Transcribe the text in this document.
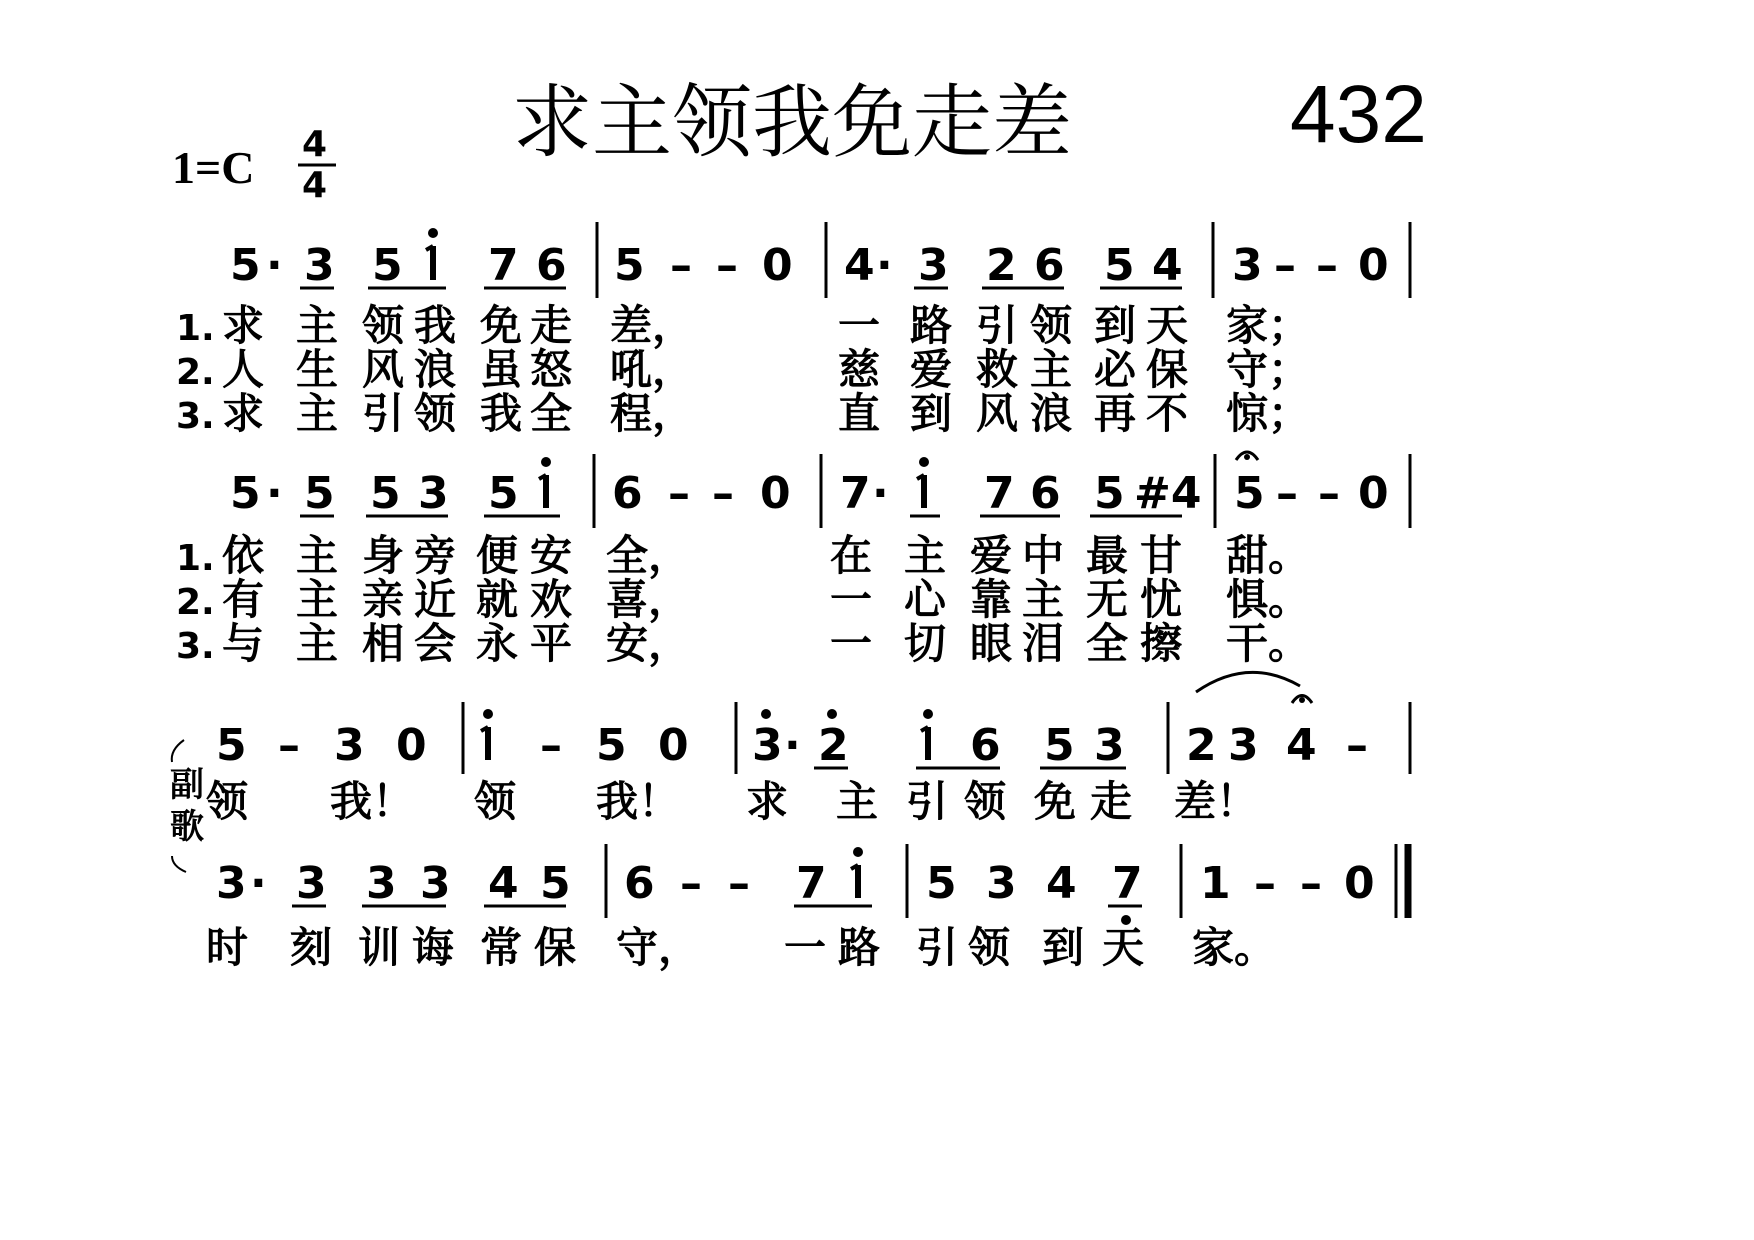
求主领我免走差	432
1=C 4
4
5 · 3 5 7 6 5 – – 0 4 · 3 2 6 5 4 3 – – 0
1. 求 主 领 我 免 走 差，	一 路 引 领 到 天 家；
2. 人 生 风 浪 虽 怒 吼，	慈 爱 救 主 必 保 守；
3. 求 主 引 领 我 全 程，	直 到 风 浪 再 不 惊；
5 · 5 5 3 5 6 – – 0 7 · 7 6 5 #4 5 – – 0
1. 依 主 身 旁 便 安 全，	在 主 爱 中 最 甘 甜。
2. 有 主 亲 近 就 欢 喜，	一 心 靠 主 无 忧 惧。
3. 与 主 相 会 永 平 安，	一 切 眼 泪 全 擦 干。
副
歌
5 – 3 0	– 5 0 3 · 2	6 5 3 2 3 4 –
领 我！ 领 我！ 求 主 引 领 免 走 差！
3 · 3 3 3 4 5 6 – – 7 5 3 4 7 1 – – 0
时 刻 训 诲 常 保 守， 一 路 引 领 到 天 家。
